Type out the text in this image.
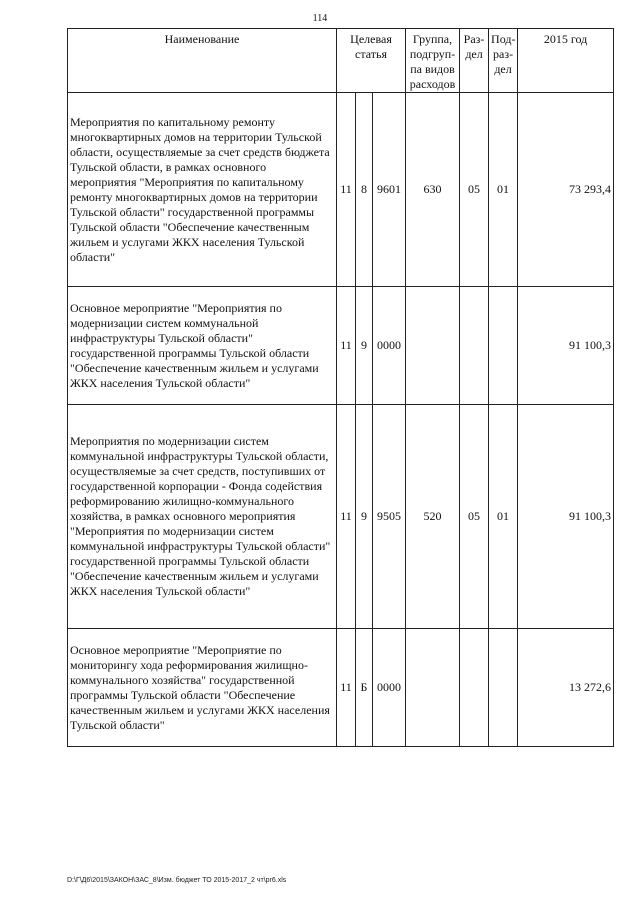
114
Наименование	Целевая статья			Группа, подгруп-па видов расходов	Раз-дел	Под-раз-дел	2015 год
Мероприятия по капитальному ремонту многоквартирных домов на территории Тульской области, осуществляемые за счет средств бюджета Тульской области, в рамках основного мероприятия "Мероприятия по капитальному ремонту многоквартирных домов на территории Тульской области" государственной программы Тульской области "Обеспечение качественным жильем и услугами ЖКХ населения Тульской области"	11	8	9601	630	05	01	73 293,4
Основное мероприятие "Мероприятия по модернизации систем коммунальной инфраструктуры Тульской области" государственной программы Тульской области "Обеспечение качественным жильем и услугами ЖКХ населения Тульской области"	11	9	0000				91 100,3
Мероприятия по модернизации систем коммунальной инфраструктуры Тульской области, осуществляемые за счет средств, поступивших от государственной корпорации - Фонда содействия реформированию жилищно-коммунального хозяйства, в рамках основного мероприятия "Мероприятия по модернизации систем коммунальной инфраструктуры Тульской области" государственной программы Тульской области "Обеспечение качественным жильем и услугами ЖКХ населения Тульской области"	11	9	9505	520	05	01	91 100,3
Основное мероприятие "Мероприятие по мониторингу хода реформирования жилищно-коммунального хозяйства" государственной программы Тульской области "Обеспечение качественным жильем и услугами ЖКХ населения Тульской области"	11	Б	0000				13 272,6
D:\Г\Д6\2015\ЗАКОН\ЗАС_8\Изм. бюджет ТО 2015-2017_2 чт\pr6.xls
